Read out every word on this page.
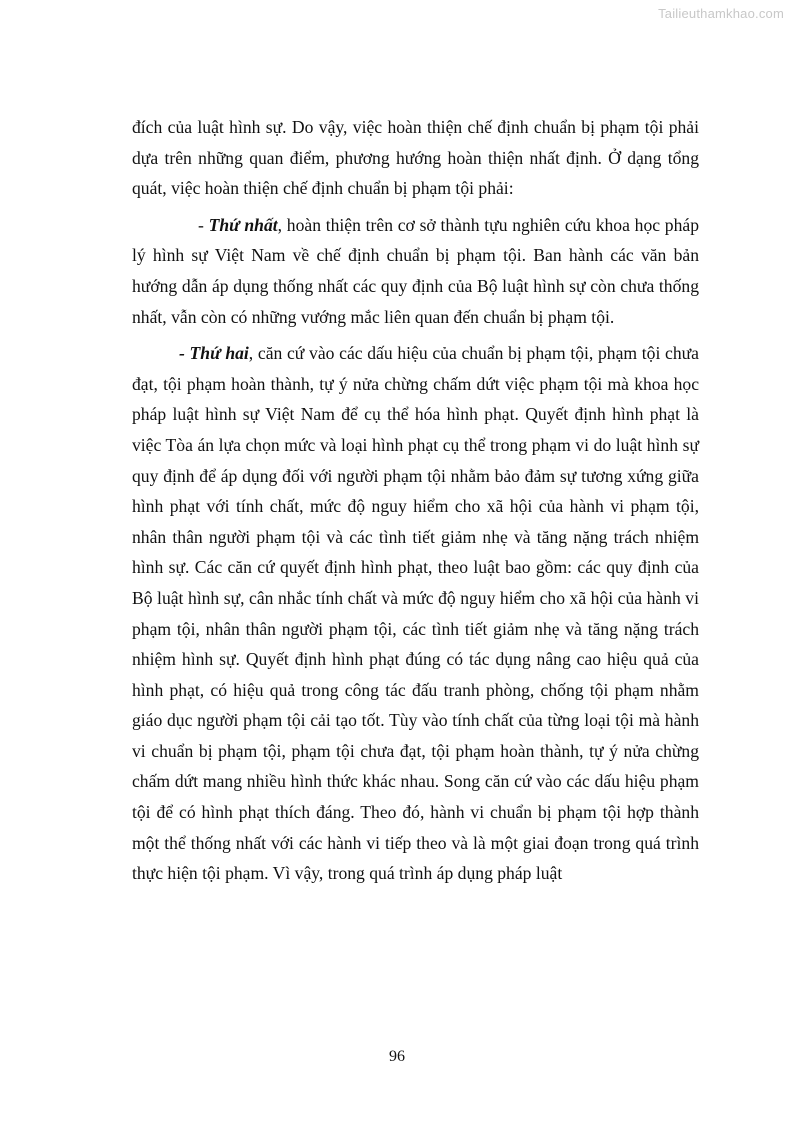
Tailieuthamkhao.com

đích của luật hình sự. Do vậy, việc hoàn thiện chế định chuẩn bị phạm tội phải dựa trên những quan điểm, phương hướng hoàn thiện nhất định. Ở dạng tổng quát, việc hoàn thiện chế định chuẩn bị phạm tội phải:

- Thứ nhất, hoàn thiện trên cơ sở thành tựu nghiên cứu khoa học pháp lý hình sự Việt Nam về chế định chuẩn bị phạm tội. Ban hành các văn bản hướng dẫn áp dụng thống nhất các quy định của Bộ luật hình sự còn chưa thống nhất, vẫn còn có những vướng mắc liên quan đến chuẩn bị phạm tội.

- Thứ hai, căn cứ vào các dấu hiệu của chuẩn bị phạm tội, phạm tội chưa đạt, tội phạm hoàn thành, tự ý nửa chừng chấm dứt việc phạm tội mà khoa học pháp luật hình sự Việt Nam để cụ thể hóa hình phạt. Quyết định hình phạt là việc Tòa án lựa chọn mức và loại hình phạt cụ thể trong phạm vi do luật hình sự quy định để áp dụng đối với người phạm tội nhằm bảo đảm sự tương xứng giữa hình phạt với tính chất, mức độ nguy hiểm cho xã hội của hành vi phạm tội, nhân thân người phạm tội và các tình tiết giảm nhẹ và tăng nặng trách nhiệm hình sự. Các căn cứ quyết định hình phạt, theo luật bao gồm: các quy định của Bộ luật hình sự, cân nhắc tính chất và mức độ nguy hiểm cho xã hội của hành vi phạm tội, nhân thân người phạm tội, các tình tiết giảm nhẹ và tăng nặng trách nhiệm hình sự. Quyết định hình phạt đúng có tác dụng nâng cao hiệu quả của hình phạt, có hiệu quả trong công tác đấu tranh phòng, chống tội phạm nhằm giáo dục người phạm tội cải tạo tốt. Tùy vào tính chất của từng loại tội mà hành vi chuẩn bị phạm tội, phạm tội chưa đạt, tội phạm hoàn thành, tự ý nửa chừng chấm dứt mang nhiều hình thức khác nhau. Song căn cứ vào các dấu hiệu phạm tội để có hình phạt thích đáng. Theo đó, hành vi chuẩn bị phạm tội hợp thành một thể thống nhất với các hành vi tiếp theo và là một giai đoạn trong quá trình thực hiện tội phạm. Vì vậy, trong quá trình áp dụng pháp luật

96
